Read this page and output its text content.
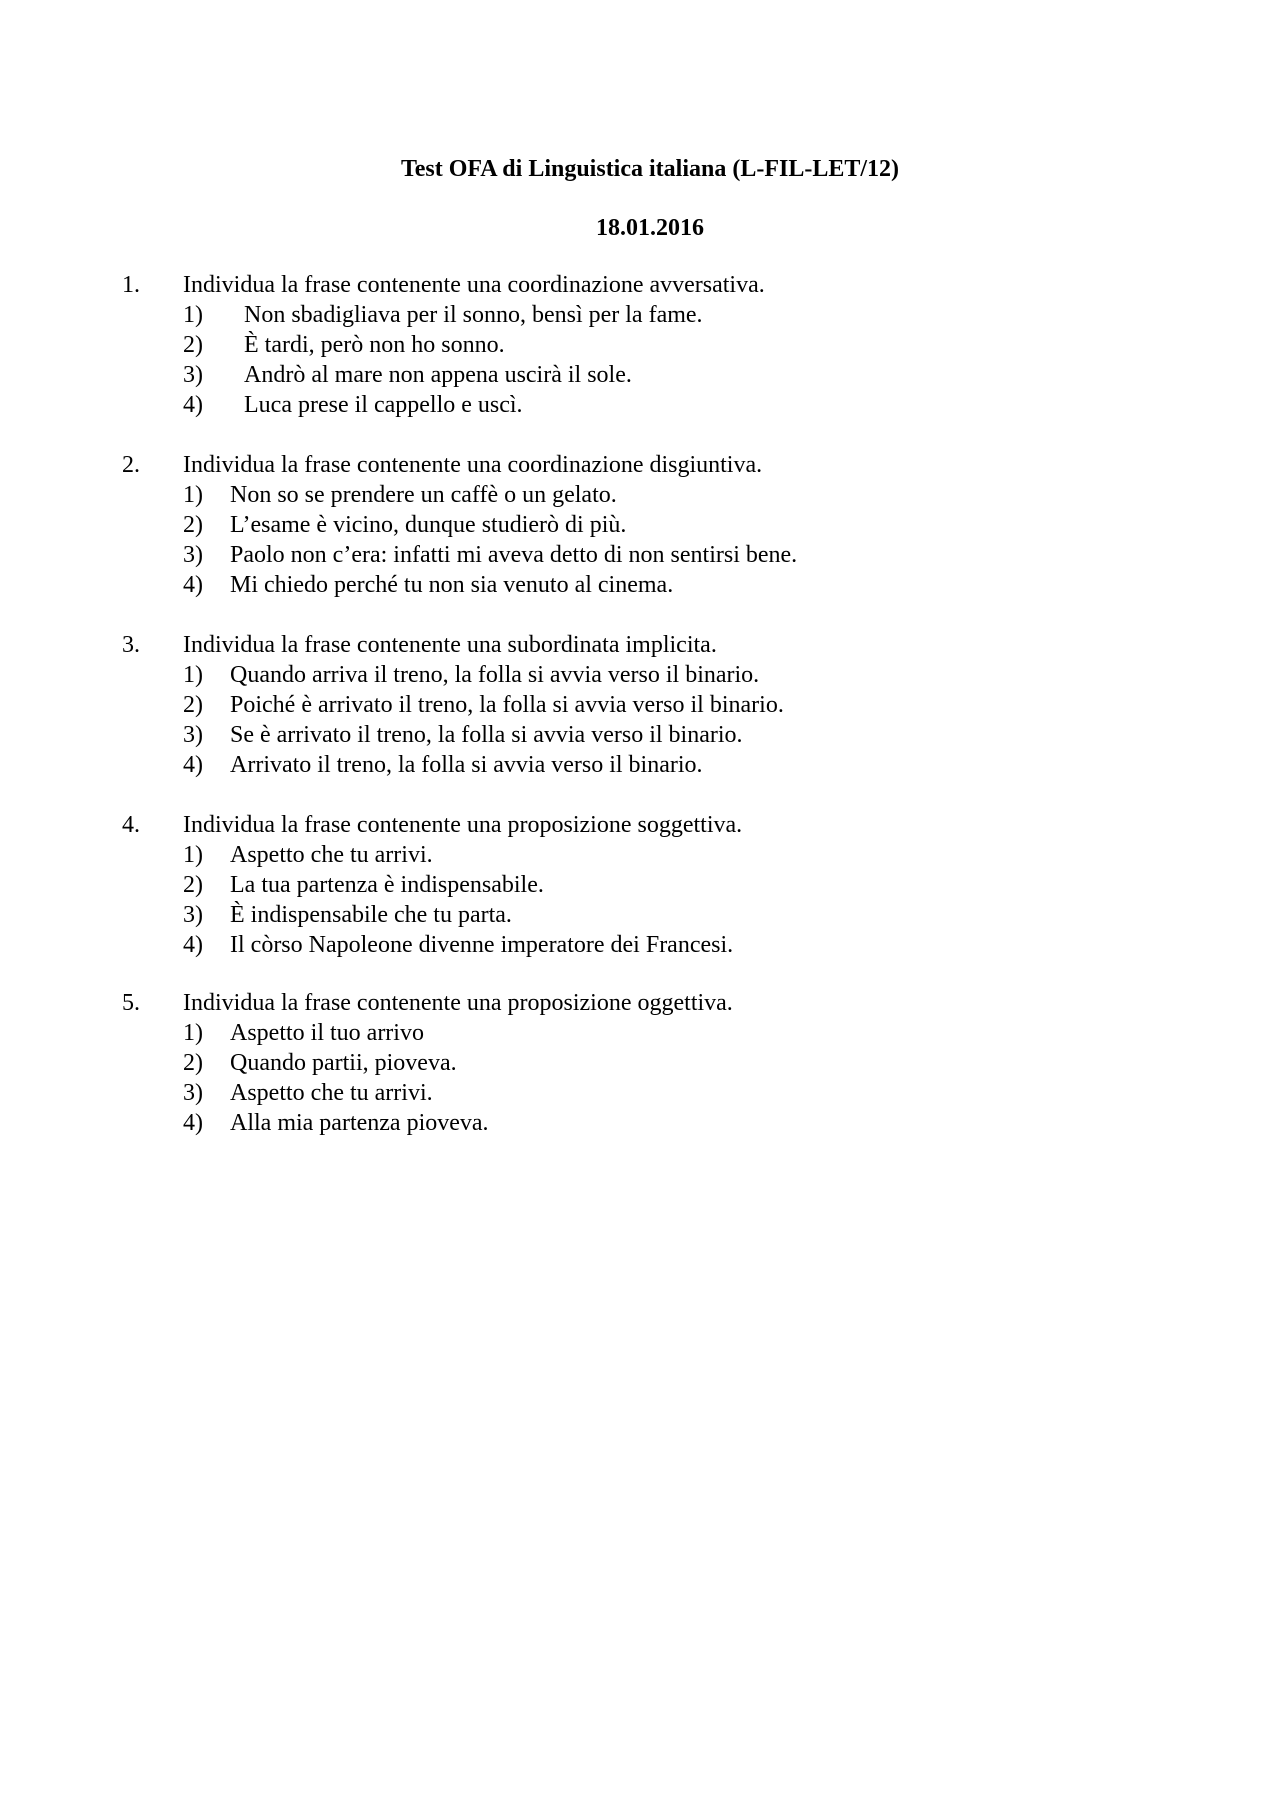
Test OFA di Linguistica italiana (L-FIL-LET/12)
18.01.2016
1. Individua la frase contenente una coordinazione avversativa.
1) Non sbadigliava per il sonno, bensì per la fame.
2) È tardi, però non ho sonno.
3) Andrò al mare non appena uscirà il sole.
4) Luca prese il cappello e uscì.
2. Individua la frase contenente una coordinazione disgiuntiva.
1) Non so se prendere un caffè o un gelato.
2) L’esame è vicino, dunque studierò di più.
3) Paolo non c’era: infatti mi aveva detto di non sentirsi bene.
4) Mi chiedo perché tu non sia venuto al cinema.
3. Individua la frase contenente una subordinata implicita.
1) Quando arriva il treno, la folla si avvia verso il binario.
2) Poiché è arrivato il treno, la folla si avvia verso il binario.
3) Se è arrivato il treno, la folla si avvia verso il binario.
4) Arrivato il treno, la folla si avvia verso il binario.
4. Individua la frase contenente una proposizione soggettiva.
1) Aspetto che tu arrivi.
2) La tua partenza è indispensabile.
3) È indispensabile che tu parta.
4) Il còrso Napoleone divenne imperatore dei Francesi.
5. Individua la frase contenente una proposizione oggettiva.
1) Aspetto il tuo arrivo
2) Quando partii, pioveva.
3) Aspetto che tu arrivi.
4) Alla mia partenza pioveva.
